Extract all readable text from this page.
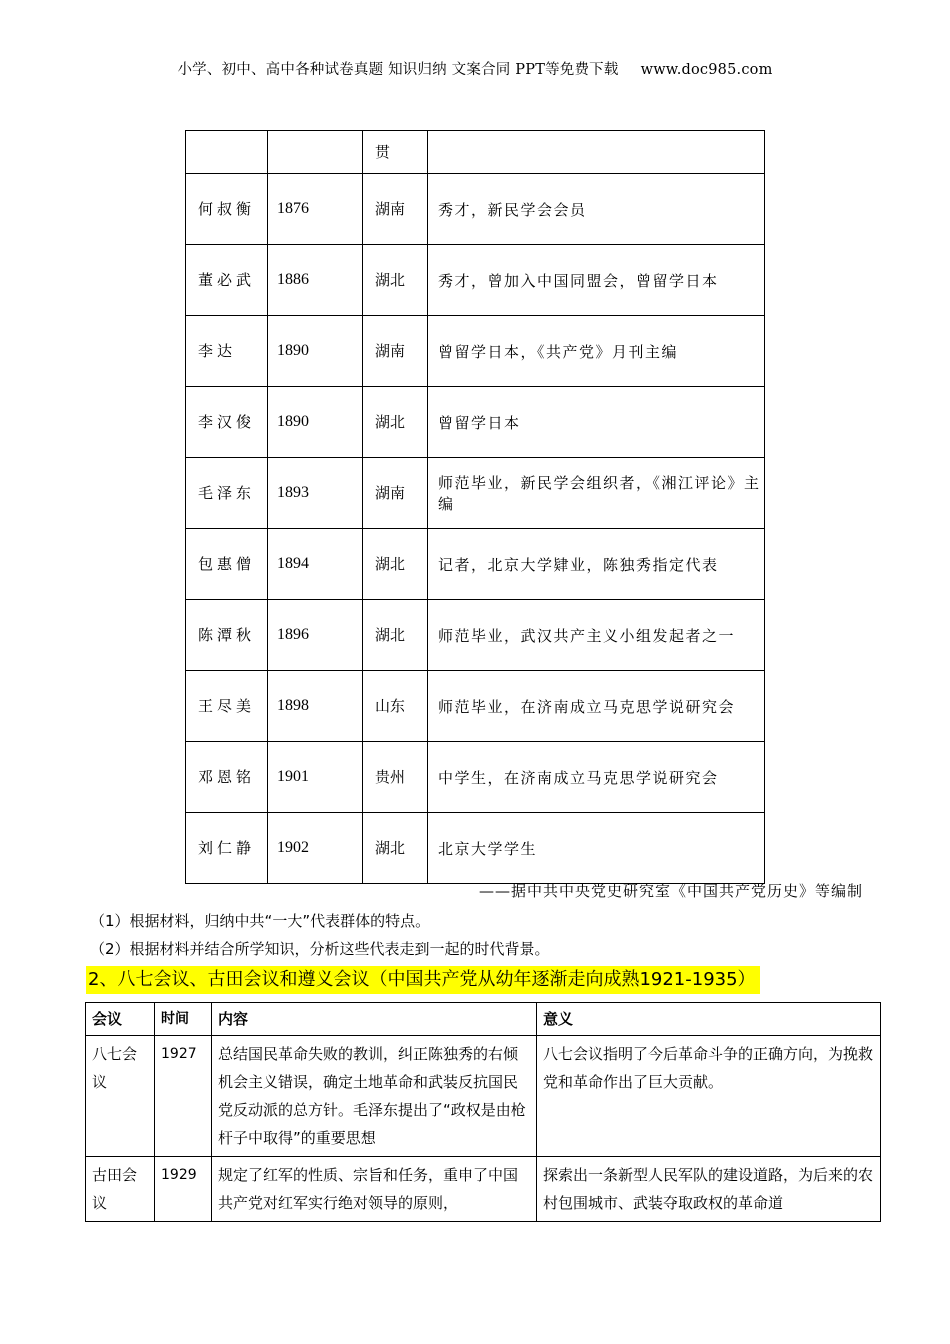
小学、初中、高中各种试卷真题 知识归纳 文案合同 PPT等免费下载 www.doc985.com
		贯	
何叔衡	1876	湖南	秀才，新民学会会员
董必武	1886	湖北	秀才，曾加入中国同盟会，曾留学日本
李达	1890	湖南	曾留学日本，《共产党》月刊主编
李汉俊	1890	湖北	曾留学日本
毛泽东	1893	湖南	师范毕业，新民学会组织者，《湘江评论》主编
包惠僧	1894	湖北	记者，北京大学肄业，陈独秀指定代表
陈潭秋	1896	湖北	师范毕业，武汉共产主义小组发起者之一
王尽美	1898	山东	师范毕业，在济南成立马克思学说研究会
邓恩铭	1901	贵州	中学生，在济南成立马克思学说研究会
刘仁静	1902	湖北	北京大学学生
——据中共中央党史研究室《中国共产党历史》等编制
（1）根据材料，归纳中共“一大”代表群体的特点。
（2）根据材料并结合所学知识，分析这些代表走到一起的时代背景。
2、八七会议、古田会议和遵义会议（中国共产党从幼年逐渐走向成熟1921-1935）
会议	时间	内容	意义
八七会议	1927	总结国民革命失败的教训，纠正陈独秀的右倾机会主义错误，确定土地革命和武装反抗国民党反动派的总方针。毛泽东提出了“政权是由枪杆子中取得”的重要思想	八七会议指明了今后革命斗争的正确方向，为挽救党和革命作出了巨大贡献。
古田会议	1929	规定了红军的性质、宗旨和任务，重申了中国共产党对红军实行绝对领导的原则，	探索出一条新型人民军队的建设道路，为后来的农村包围城市、武装夺取政权的革命道
